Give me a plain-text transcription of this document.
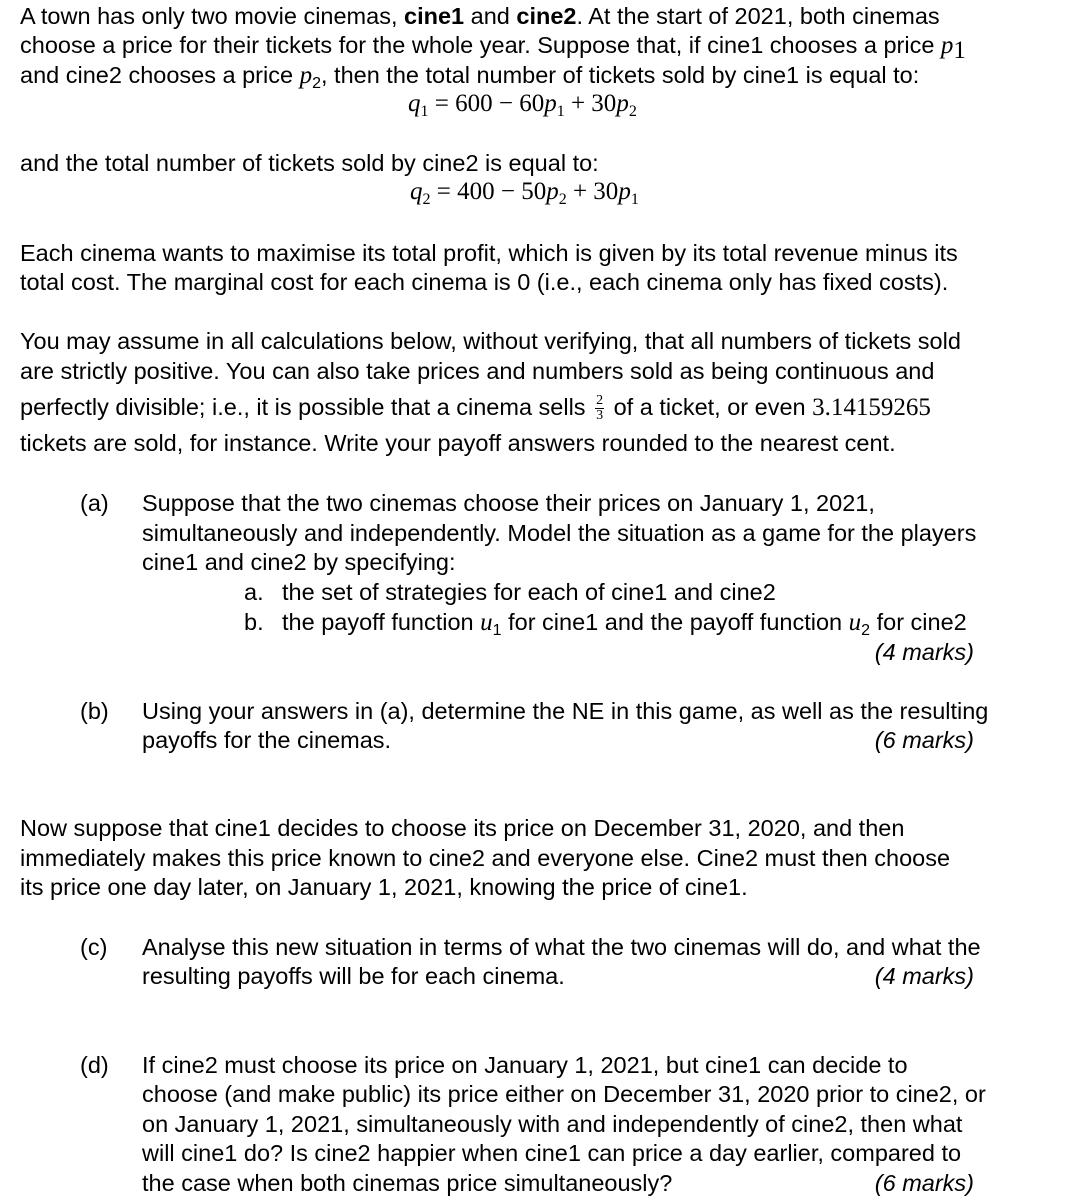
A town has only two movie cinemas, cine1 and cine2. At the start of 2021, both cinemas
choose a price for their tickets for the whole year. Suppose that, if cine1 chooses a price $p_1$
and cine2 chooses a price $p_2$, then the total number of tickets sold by cine1 is equal to:
$q_1 = 600 - 60p_1 + 30p_2$
and the total number of tickets sold by cine2 is equal to:
$q_2 = 400 - 50p_2 + 30p_1$
Each cinema wants to maximise its total profit, which is given by its total revenue minus its
total cost. The marginal cost for each cinema is 0 (i.e., each cinema only has fixed costs).
You may assume in all calculations below, without verifying, that all numbers of tickets sold
are strictly positive. You can also take prices and numbers sold as being continuous and
perfectly divisible; i.e., it is possible that a cinema sells $\frac{2}{3}$ of a ticket, or even 3.14159265
tickets are sold, for instance. Write your payoff answers rounded to the nearest cent.
(a) Suppose that the two cinemas choose their prices on January 1, 2021,
simultaneously and independently. Model the situation as a game for the players
cine1 and cine2 by specifying:
a. the set of strategies for each of cine1 and cine2
b. the payoff function $u_1$ for cine1 and the payoff function $u_2$ for cine2
(4 marks)
(b) Using your answers in (a), determine the NE in this game, as well as the resulting
payoffs for the cinemas.	(6 marks)
Now suppose that cine1 decides to choose its price on December 31, 2020, and then
immediately makes this price known to cine2 and everyone else. Cine2 must then choose
its price one day later, on January 1, 2021, knowing the price of cine1.
(c) Analyse this new situation in terms of what the two cinemas will do, and what the
resulting payoffs will be for each cinema.	(4 marks)
(d) If cine2 must choose its price on January 1, 2021, but cine1 can decide to
choose (and make public) its price either on December 31, 2020 prior to cine2, or
on January 1, 2021, simultaneously with and independently of cine2, then what
will cine1 do? Is cine2 happier when cine1 can price a day earlier, compared to
the case when both cinemas price simultaneously?	(6 marks)
